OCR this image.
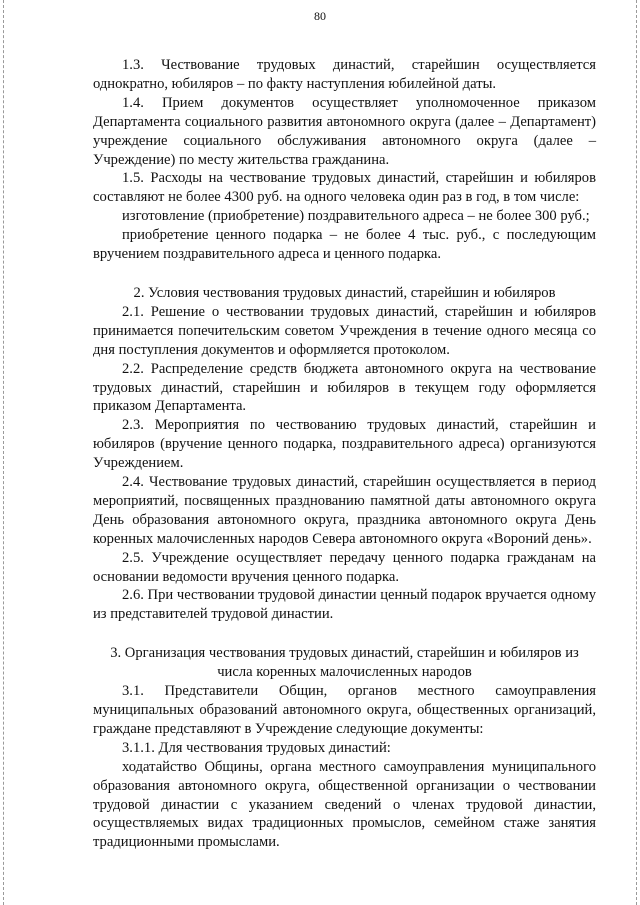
80

1.3. Чествование трудовых династий, старейшин осуществляется однократно, юбиляров – по факту наступления юбилейной даты.

1.4. Прием документов осуществляет уполномоченное приказом Департамента социального развития автономного округа (далее – Департамент) учреждение социального обслуживания автономного округа (далее – Учреждение) по месту жительства гражданина.

1.5. Расходы на чествование трудовых династий, старейшин и юбиляров составляют не более 4300 руб. на одного человека один раз в год, в том числе:

изготовление (приобретение) поздравительного адреса – не более 300 руб.;

приобретение ценного подарка – не более 4 тыс. руб., с последующим вручением поздравительного адреса и ценного подарка.

2. Условия чествования трудовых династий, старейшин и юбиляров

2.1. Решение о чествовании трудовых династий, старейшин и юбиляров принимается попечительским советом Учреждения в течение одного месяца со дня поступления документов и оформляется протоколом.

2.2. Распределение средств бюджета автономного округа на чествование трудовых династий, старейшин и юбиляров в текущем году оформляется приказом Департамента.

2.3. Мероприятия по чествованию трудовых династий, старейшин и юбиляров (вручение ценного подарка, поздравительного адреса) организуются Учреждением.

2.4. Чествование трудовых династий, старейшин осуществляется в период мероприятий, посвященных празднованию памятной даты автономного округа День образования автономного округа, праздника автономного округа День коренных малочисленных народов Севера автономного округа «Вороний день».

2.5. Учреждение осуществляет передачу ценного подарка гражданам на основании ведомости вручения ценного подарка.

2.6. При чествовании трудовой династии ценный подарок вручается одному из представителей трудовой династии.

3. Организация чествования трудовых династий, старейшин и юбиляров из числа коренных малочисленных народов

3.1. Представители Общин, органов местного самоуправления муниципальных образований автономного округа, общественных организаций, граждане представляют в Учреждение следующие документы:

3.1.1. Для чествования трудовых династий:

ходатайство Общины, органа местного самоуправления муниципального образования автономного округа, общественной организации о чествовании трудовой династии с указанием сведений о членах трудовой династии, осуществляемых видах традиционных промыслов, семейном стаже занятия традиционными промыслами.
